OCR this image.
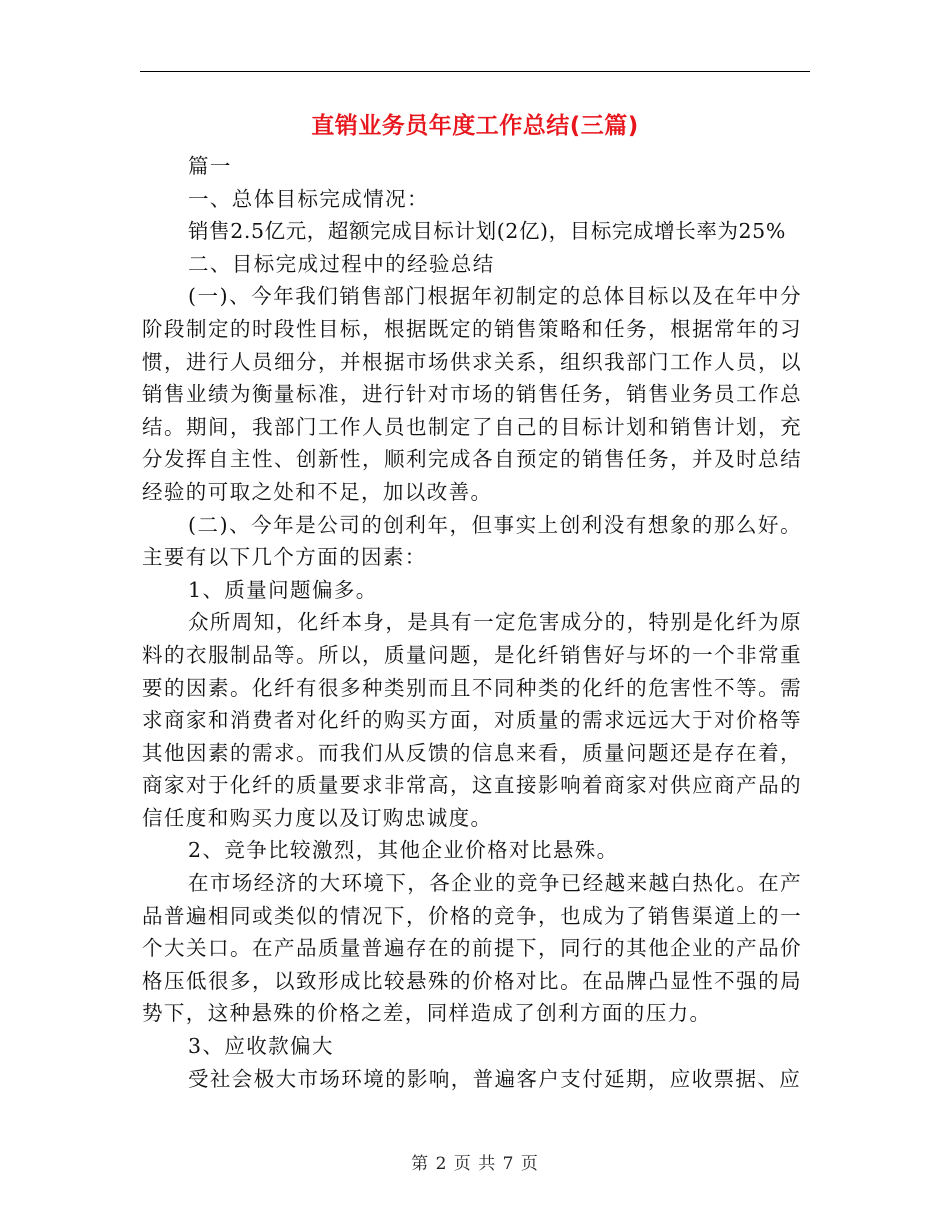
直销业务员年度工作总结(三篇)

篇一

一、总体目标完成情况：

销售2.5亿元，超额完成目标计划(2亿)，目标完成增长率为25%

二、目标完成过程中的经验总结

(一)、今年我们销售部门根据年初制定的总体目标以及在年中分阶段制定的时段性目标，根据既定的销售策略和任务，根据常年的习惯，进行人员细分，并根据市场供求关系，组织我部门工作人员，以销售业绩为衡量标准，进行针对市场的销售任务，销售业务员工作总结。期间，我部门工作人员也制定了自己的目标计划和销售计划，充分发挥自主性、创新性，顺利完成各自预定的销售任务，并及时总结经验的可取之处和不足，加以改善。

(二)、今年是公司的创利年，但事实上创利没有想象的那么好。主要有以下几个方面的因素：

1、质量问题偏多。

众所周知，化纤本身，是具有一定危害成分的，特别是化纤为原料的衣服制品等。所以，质量问题，是化纤销售好与坏的一个非常重要的因素。化纤有很多种类别而且不同种类的化纤的危害性不等。需求商家和消费者对化纤的购买方面，对质量的需求远远大于对价格等其他因素的需求。而我们从反馈的信息来看，质量问题还是存在着，商家对于化纤的质量要求非常高，这直接影响着商家对供应商产品的信任度和购买力度以及订购忠诚度。

2、竞争比较激烈，其他企业价格对比悬殊。

在市场经济的大环境下，各企业的竞争已经越来越白热化。在产品普遍相同或类似的情况下，价格的竞争，也成为了销售渠道上的一个大关口。在产品质量普遍存在的前提下，同行的其他企业的产品价格压低很多，以致形成比较悬殊的价格对比。在品牌凸显性不强的局势下，这种悬殊的价格之差，同样造成了创利方面的压力。

3、应收款偏大

受社会极大市场环境的影响，普遍客户支付延期，应收票据、应

第 2 页 共 7 页
